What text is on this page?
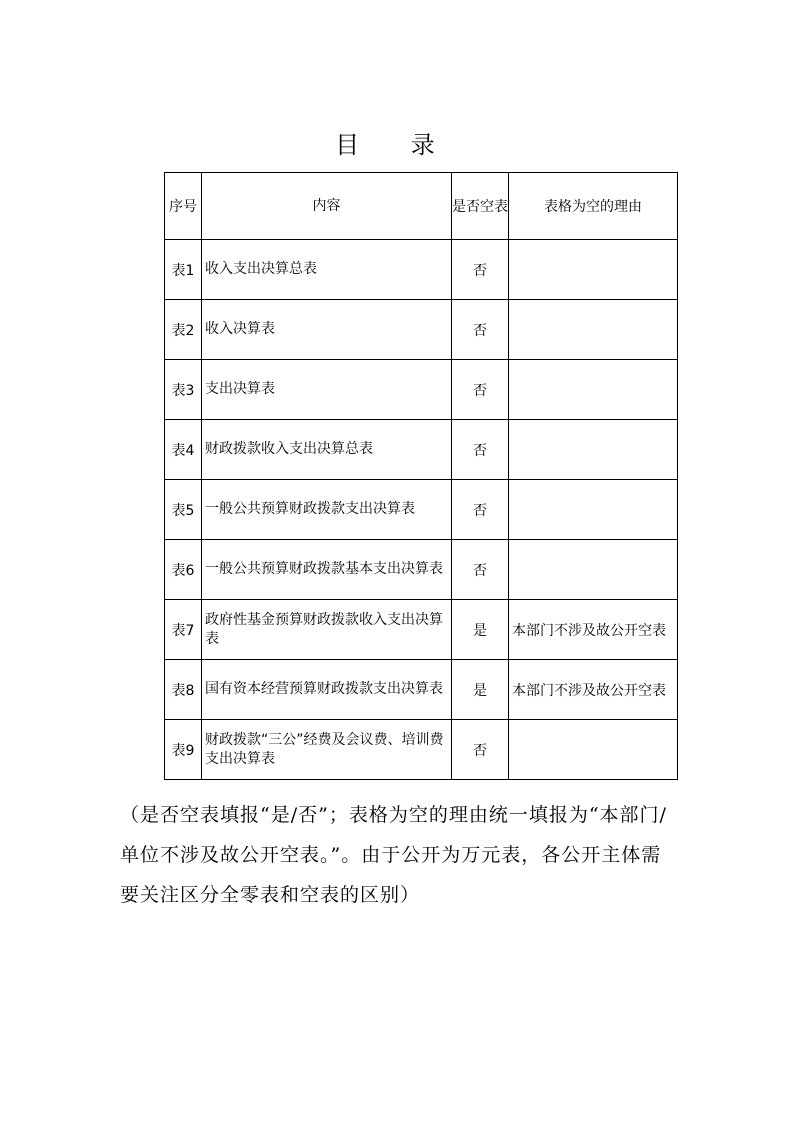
目 录
序号	内容	是否空表	表格为空的理由
表1	收入支出决算总表	否	
表2	收入决算表	否	
表3	支出决算表	否	
表4	财政拨款收入支出决算总表	否	
表5	一般公共预算财政拨款支出决算表	否	
表6	一般公共预算财政拨款基本支出决算表	否	
表7	政府性基金预算财政拨款收入支出决算表	是	本部门不涉及故公开空表
表8	国有资本经营预算财政拨款支出决算表	是	本部门不涉及故公开空表
表9	财政拨款“三公”经费及会议费、培训费支出决算表	否	
（是否空表填报“是/否”；表格为空的理由统一填报为“本部门/单位不涉及故公开空表。”。由于公开为万元表，各公开主体需要关注区分全零表和空表的区别）
